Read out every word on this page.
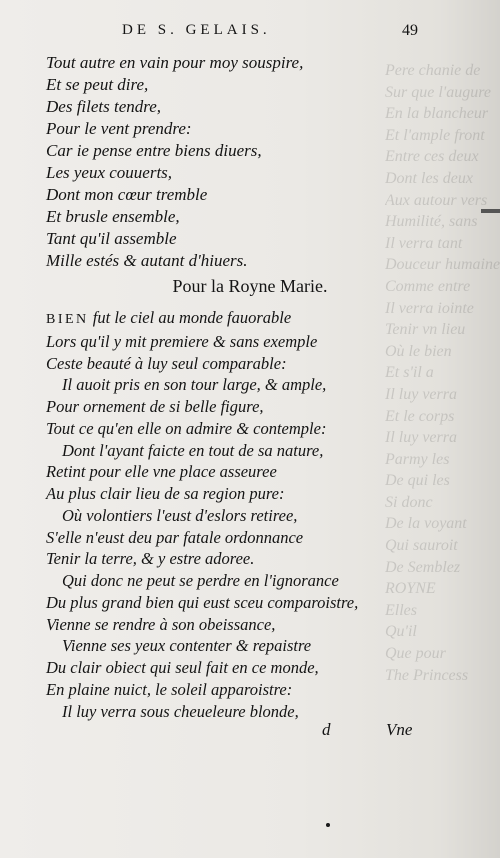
Pere chanie de
Sur que l'augure
En la blancheur
Et l'ample front
Entre ces deux
Dont les deux
Aux autour vers
Humilité, sans
Il verra tant
Douceur humaine
Comme entre
Il verra iointe
Tenir vn lieu
Où le bien
Et s'il a
Il luy verra
Et le corps
Il luy verra
Parmy les
De qui les
Si donc
De la voyant
Qui sauroit
De Semblez
ROYNE
Elles
Qu'il
Que pour
The Princess
DE S. GELAIS.	49
Tout autre en vain pour moy souspire,
Et se peut dire,
Des filets tendre,
Pour le vent prendre:
Car ie pense entre biens diuers,
Les yeux couuerts,
Dont mon cœur tremble
Et brusle ensemble,
Tant qu'il assemble
Mille estés & autant d'hiuers.
Pour la Royne Marie.
BIEN fut le ciel au monde fauorable
Lors qu'il y mit premiere & sans exemple
Ceste beauté à luy seul comparable:
Il auoit pris en son tour large, & ample,
Pour ornement de si belle figure,
Tout ce qu'en elle on admire & contemple:
Dont l'ayant faicte en tout de sa nature,
Retint pour elle vne place asseuree
Au plus clair lieu de sa region pure:
Où volontiers l'eust d'eslors retiree,
S'elle n'eust deu par fatale ordonnance
Tenir la terre, & y estre adoree.
Qui donc ne peut se perdre en l'ignorance
Du plus grand bien qui eust sceu comparoistre,
Vienne se rendre à son obeissance,
Vienne ses yeux contenter & repaistre
Du clair obiect qui seul fait en ce monde,
En plaine nuict, le soleil apparoistre:
Il luy verra sous cheueleure blonde,
d	Vne
